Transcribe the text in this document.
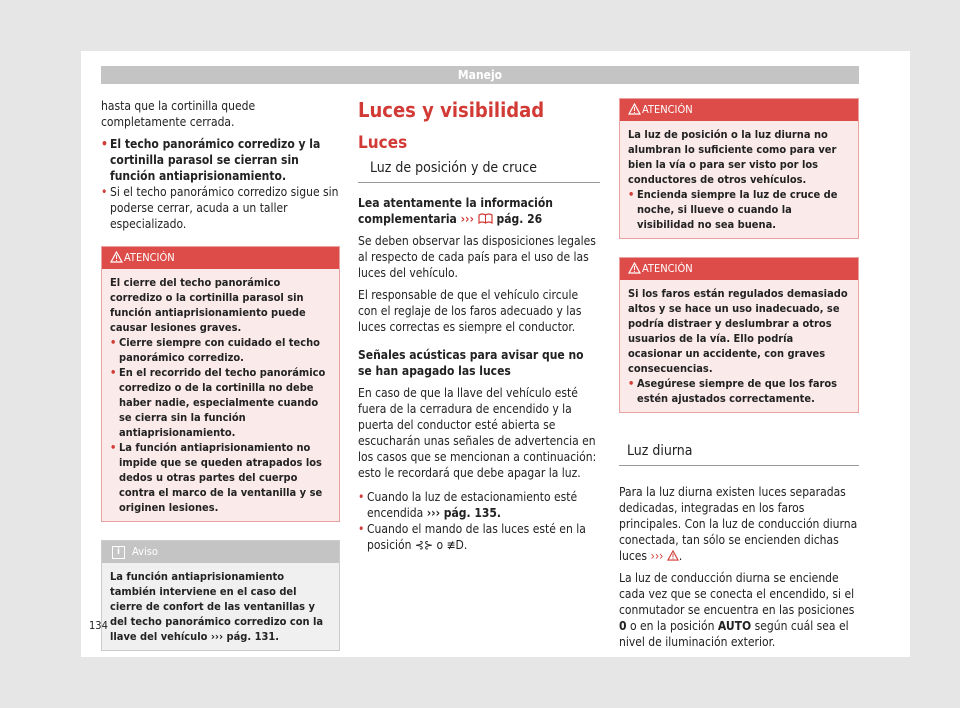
Manejo

hasta que la cortinilla quede completamente cerrada.

• El techo panorámico corredizo y la cortinilla parasol se cierran sin función antiaprisionamiento.

• Si el techo panorámico corredizo sigue sin poderse cerrar, acuda a un taller especializado.

ATENCIÓN

El cierre del techo panorámico corredizo o la cortinilla parasol sin función antiaprisionamiento puede causar lesiones graves.

• Cierre siempre con cuidado el techo panorámico corredizo.

• En el recorrido del techo panorámico corredizo o de la cortinilla no debe haber nadie, especialmente cuando se cierra sin la función antiaprisionamiento.

• La función antiaprisionamiento no impide que se queden atrapados los dedos u otras partes del cuerpo contra el marco de la ventanilla y se originen lesiones.

i	Aviso
La función antiaprisionamiento también interviene en el caso del cierre de confort de las ventanillas y del techo panorámico corredizo con la llave del vehículo ››› pág. 131.
Luces y visibilidad
Luces
Luz de posición y de cruce

Lea atentamente la información complementaria ››› pág. 26

Se deben observar las disposiciones legales al respecto de cada país para el uso de las luces del vehículo.

El responsable de que el vehículo circule con el reglaje de los faros adecuado y las luces correctas es siempre el conductor.

Señales acústicas para avisar que no se han apagado las luces

En caso de que la llave del vehículo esté fuera de la cerradura de encendido y la puerta del conductor esté abierta se escucharán unas señales de advertencia en los casos que se mencionan a continuación: esto le recordará que debe apagar la luz.

• Cuando la luz de estacionamiento esté encendida ››› pág. 135.

• Cuando el mando de las luces esté en la posición ⊰⊱ o ≢D.

ATENCIÓN

La luz de posición o la luz diurna no alumbran lo suficiente como para ver bien la vía o para ser visto por los conductores de otros vehículos.

• Encienda siempre la luz de cruce de noche, si llueve o cuando la visibilidad no sea buena.

ATENCIÓN

Si los faros están regulados demasiado altos y se hace un uso inadecuado, se podría distraer y deslumbrar a otros usuarios de la vía. Ello podría ocasionar un accidente, con graves consecuencias.

• Asegúrese siempre de que los faros estén ajustados correctamente.

Luz diurna

Para la luz diurna existen luces separadas dedicadas, integradas en los faros principales. Con la luz de conducción diurna conectada, tan sólo se encienden dichas luces ››› .

La luz de conducción diurna se enciende cada vez que se conecta el encendido, si el conmutador se encuentra en las posiciones 0 o en la posición AUTO según cuál sea el nivel de iluminación exterior.

134
